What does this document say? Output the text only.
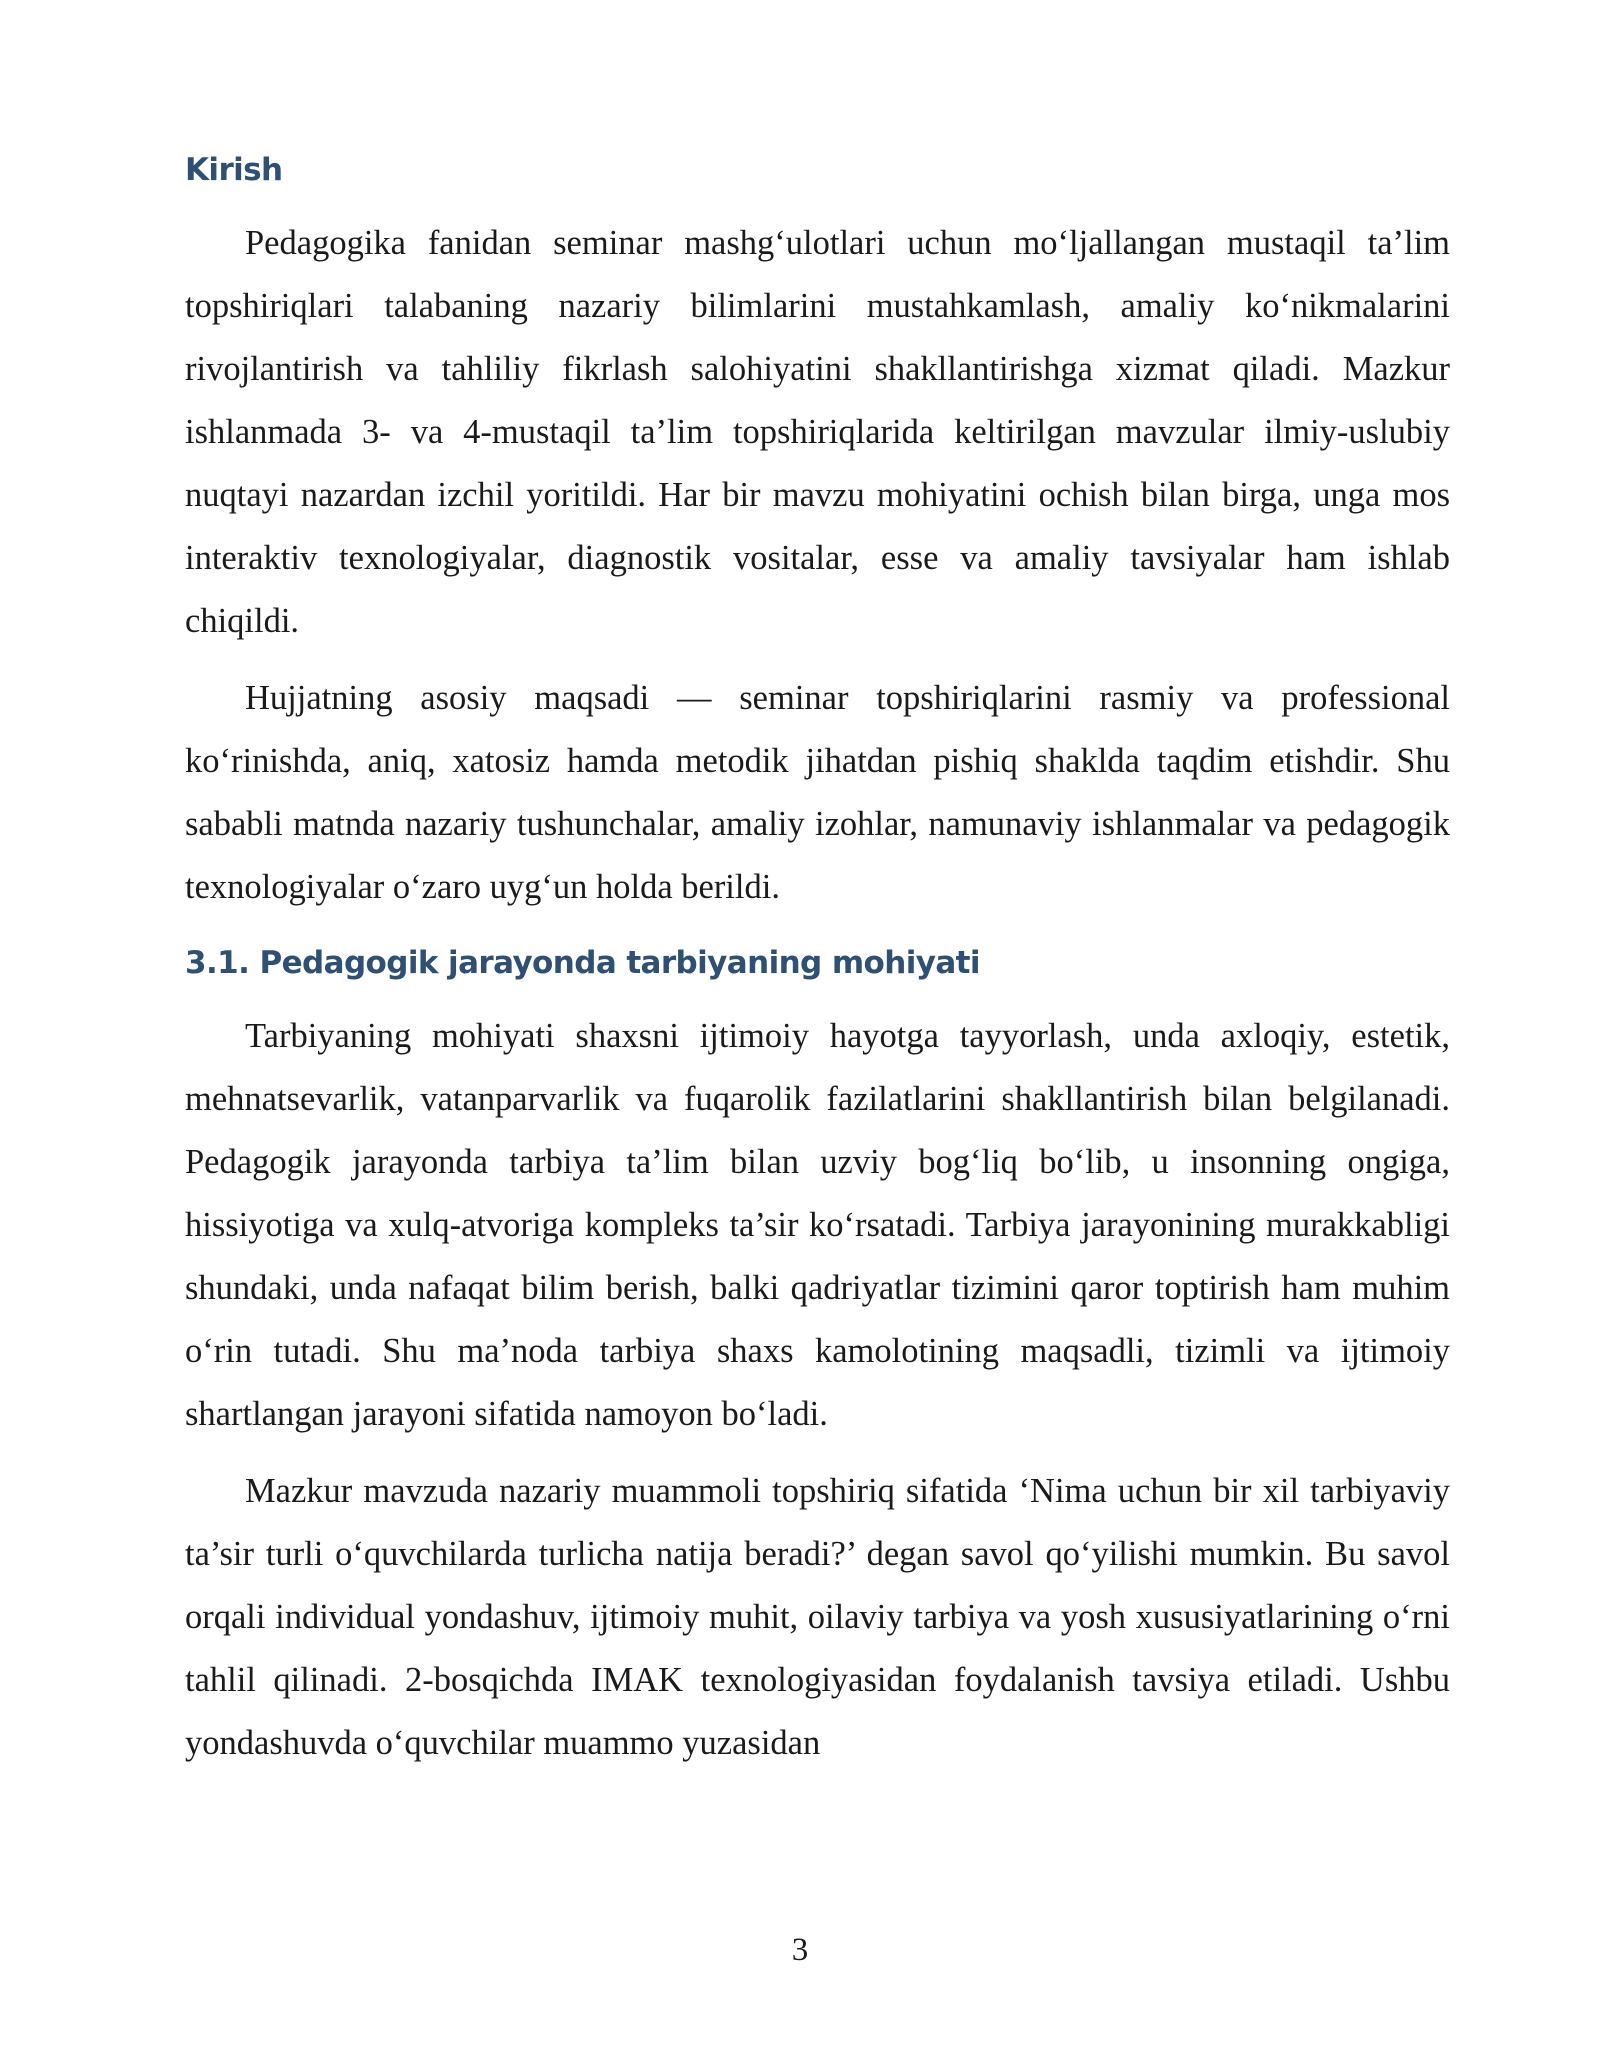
Kirish

Pedagogika fanidan seminar mashg‘ulotlari uchun mo‘ljallangan mustaqil ta’lim topshiriqlari talabaning nazariy bilimlarini mustahkamlash, amaliy ko‘nikmalarini rivojlantirish va tahliliy fikrlash salohiyatini shakllantirishga xizmat qiladi. Mazkur ishlanmada 3- va 4-mustaqil ta’lim topshiriqlarida keltirilgan mavzular ilmiy-uslubiy nuqtayi nazardan izchil yoritildi. Har bir mavzu mohiyatini ochish bilan birga, unga mos interaktiv texnologiyalar, diagnostik vositalar, esse va amaliy tavsiyalar ham ishlab chiqildi.

Hujjatning asosiy maqsadi — seminar topshiriqlarini rasmiy va professional ko‘rinishda, aniq, xatosiz hamda metodik jihatdan pishiq shaklda taqdim etishdir. Shu sababli matnda nazariy tushunchalar, amaliy izohlar, namunaviy ishlanmalar va pedagogik texnologiyalar o‘zaro uyg‘un holda berildi.

3.1. Pedagogik jarayonda tarbiyaning mohiyati

Tarbiyaning mohiyati shaxsni ijtimoiy hayotga tayyorlash, unda axloqiy, estetik, mehnatsevarlik, vatanparvarlik va fuqarolik fazilatlarini shakllantirish bilan belgilanadi. Pedagogik jarayonda tarbiya ta’lim bilan uzviy bog‘liq bo‘lib, u insonning ongiga, hissiyotiga va xulq-atvoriga kompleks ta’sir ko‘rsatadi. Tarbiya jarayonining murakkabligi shundaki, unda nafaqat bilim berish, balki qadriyatlar tizimini qaror toptirish ham muhim o‘rin tutadi. Shu ma’noda tarbiya shaxs kamolotining maqsadli, tizimli va ijtimoiy shartlangan jarayoni sifatida namoyon bo‘ladi.

Mazkur mavzuda nazariy muammoli topshiriq sifatida ‘Nima uchun bir xil tarbiyaviy ta’sir turli o‘quvchilarda turlicha natija beradi?’ degan savol qo‘yilishi mumkin. Bu savol orqali individual yondashuv, ijtimoiy muhit, oilaviy tarbiya va yosh xususiyatlarining o‘rni tahlil qilinadi. 2-bosqichda IMAK texnologiyasidan foydalanish tavsiya etiladi. Ushbu yondashuvda o‘quvchilar muammo yuzasidan

3
